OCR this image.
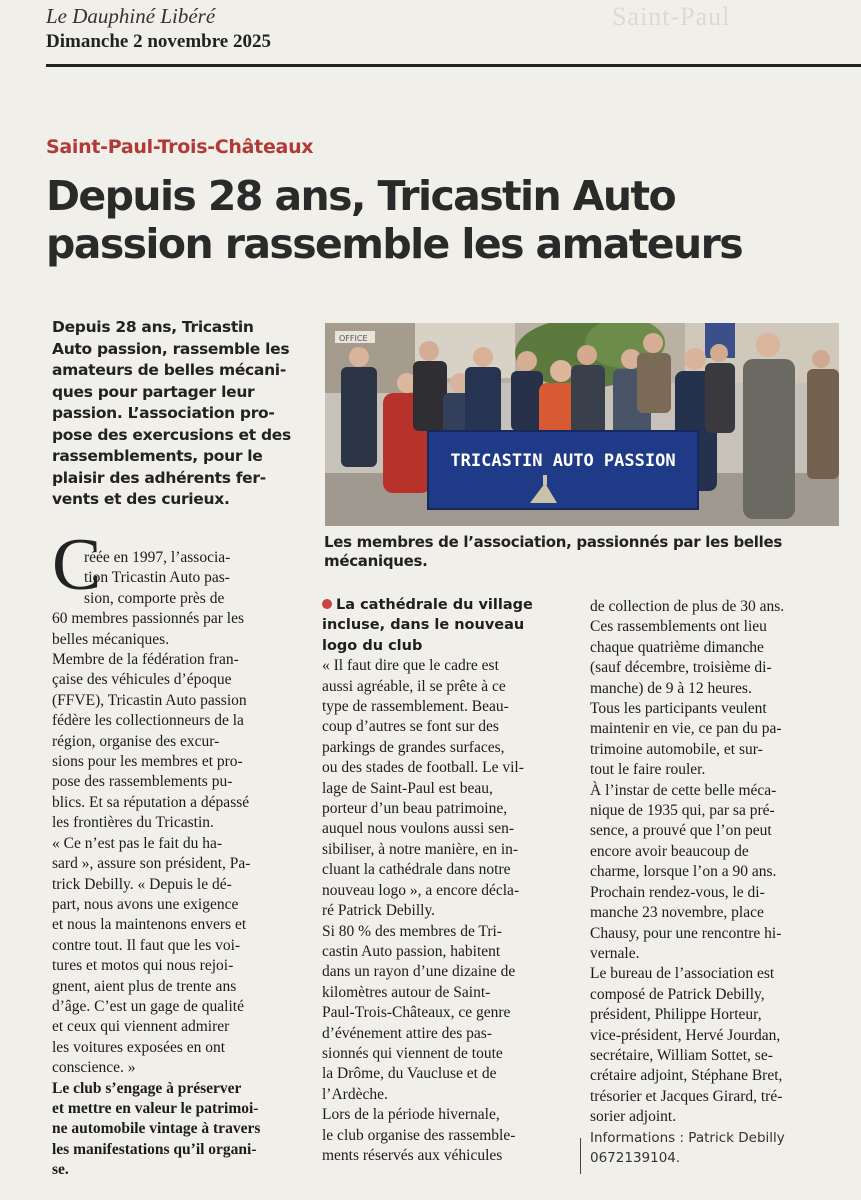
Le Dauphiné Libéré
Dimanche 2 novembre 2025
Saint-Paul
Saint-Paul-Trois-Châteaux
Depuis 28 ans, Tricastin Auto
passion rassemble les amateurs
Depuis 28 ans, Tricastin
Auto passion, rassemble les
amateurs de belles mécani-
ques pour partager leur
passion. L’association pro-
pose des exercusions et des
rassemblements, pour le
plaisir des adhérents fer-
vents et des curieux.
OFFICE
TRICASTIN AUTO PASSION
Les membres de l’association, passionnés par les belles mécaniques.
C
réée en 1997, l’associa-
tion Tricastin Auto pas-
sion, comporte près de
60 membres passionnés par les
belles mécaniques.
Membre de la fédération fran-
çaise des véhicules d’époque
(FFVE), Tricastin Auto passion
fédère les collectionneurs de la
région, organise des excur-
sions pour les membres et pro-
pose des rassemblements pu-
blics. Et sa réputation a dépassé
les frontières du Tricastin.
« Ce n’est pas le fait du ha-
sard », assure son président, Pa-
trick Debilly. « Depuis le dé-
part, nous avons une exigence
et nous la maintenons envers et
contre tout. Il faut que les voi-
tures et motos qui nous rejoi-
gnent, aient plus de trente ans
d’âge. C’est un gage de qualité
et ceux qui viennent admirer
les voitures exposées en ont
conscience. »
Le club s’engage à préserver
et mettre en valeur le patrimoi-
ne automobile vintage à travers
les manifestations qu’il organi-
se.
La cathédrale du village
incluse, dans le nouveau
logo du club
« Il faut dire que le cadre est
aussi agréable, il se prête à ce
type de rassemblement. Beau-
coup d’autres se font sur des
parkings de grandes surfaces,
ou des stades de football. Le vil-
lage de Saint-Paul est beau,
porteur d’un beau patrimoine,
auquel nous voulons aussi sen-
sibiliser, à notre manière, en in-
cluant la cathédrale dans notre
nouveau logo », a encore décla-
ré Patrick Debilly.
Si 80 % des membres de Tri-
castin Auto passion, habitent
dans un rayon d’une dizaine de
kilomètres autour de Saint-
Paul-Trois-Châteaux, ce genre
d’événement attire des pas-
sionnés qui viennent de toute
la Drôme, du Vaucluse et de
l’Ardèche.
Lors de la période hivernale,
le club organise des rassemble-
ments réservés aux véhicules
de collection de plus de 30 ans.
Ces rassemblements ont lieu
chaque quatrième dimanche
(sauf décembre, troisième di-
manche) de 9 à 12 heures.
Tous les participants veulent
maintenir en vie, ce pan du pa-
trimoine automobile, et sur-
tout le faire rouler.
À l’instar de cette belle méca-
nique de 1935 qui, par sa pré-
sence, a prouvé que l’on peut
encore avoir beaucoup de
charme, lorsque l’on a 90 ans.
Prochain rendez-vous, le di-
manche 23 novembre, place
Chausy, pour une rencontre hi-
vernale.
Le bureau de l’association est
composé de Patrick Debilly,
président, Philippe Horteur,
vice-président, Hervé Jourdan,
secrétaire, William Sottet, se-
crétaire adjoint, Stéphane Bret,
trésorier et Jacques Girard, tré-
sorier adjoint.
Informations : Patrick Debilly
0672139104.
